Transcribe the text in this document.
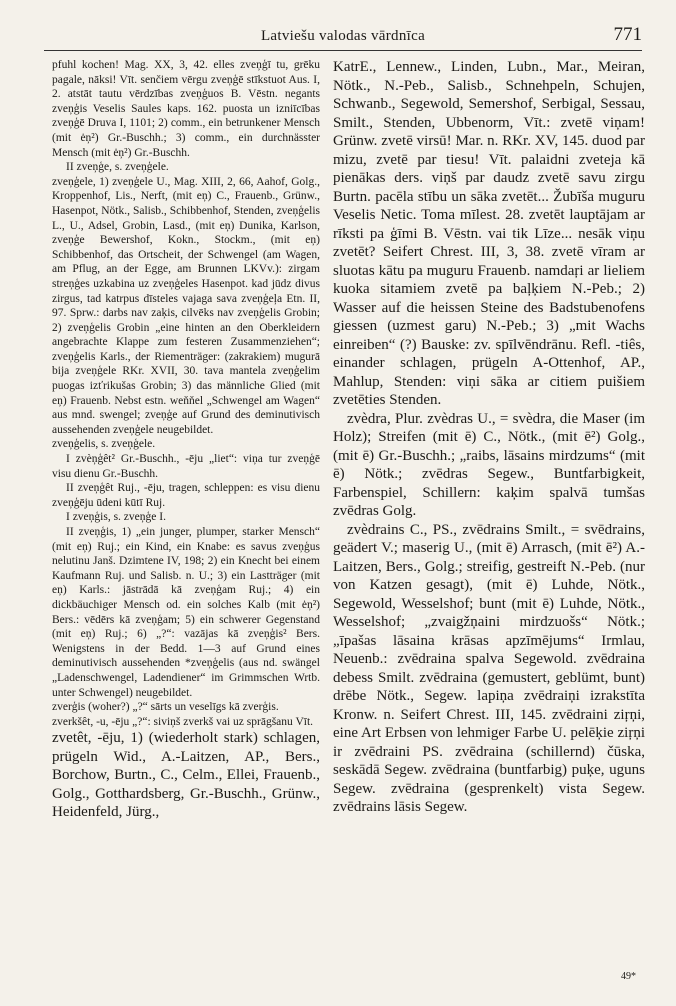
Latviešu valodas vārdnīca	771

pfuhl kochen! Mag. XX, 3, 42. elles zveņģī tu, grēku pagale, nāksi! Vīt. senčiem vērgu zveņģē stīkstuot Aus. I, 2. atstāt tautu vērdzības zveņģuos B. Vēstn. negants zveņģis Veselis Saules kaps. 162. puosta un izniīcības zveņģē Druva I, 1101; 2) comm., ein betrunkener Mensch (mit ėņ²) Gr.-Buschh.; 3) comm., ein durchnässter Mensch (mit ėņ²) Gr.-Buschh.

II zveņģe, s. zveņģele.

zveņģele, 1) zveņģele U., Mag. XIII, 2, 66, Aahof, Golg., Kroppenhof, Lis., Nerft, (mit eņ) C., Frauenb., Grünw., Hasenpot, Nötk., Salisb., Schibbenhof, Stenden, zveņģelis L., U., Adsel, Grobin, Lasd., (mit eņ) Dunika, Karlson, zveņģe Bewershof, Kokn., Stockm., (mit eņ) Schibbenhof, das Ortscheit, der Schwengel (am Wagen, am Pflug, an der Egge, am Brunnen LKVv.): zirgam streņģes uzkabina uz zveņģeles Hasenpot. kad jūdz divus zirgus, tad katrpus dīsteles vajaga sava zveņģeļa Etn. II, 97. Sprw.: darbs nav zaķis, cilvēks nav zveņģelis Grobin; 2) zveņģelis Grobin „eine hinten an den Oberkleidern angebrachte Klappe zum festeren Zusammenziehen“; zveņģelis Karls., der Riementräger: (zakrakiem) mugurā bija zveņģele RKr. XVII, 30. tava mantela zveņģelim puogas izťrikušas Grobin; 3) das männliche Glied (mit eņ) Frauenb. Nebst estn. weňňel „Schwengel am Wagen“ aus mnd. swengel; zveņģe auf Grund des deminutivisch aussehenden zveņģele neugebildet.

zveņģelis, s. zveņģele.

I zvèņģêt² Gr.-Buschh., -ēju „liet“: viņa tur zveņģē visu dienu Gr.-Buschh.

II zveņģêt Ruj., -ēju, tragen, schleppen: es visu dienu zveņģēju ūdeni kūtī Ruj.

I zveņģis, s. zveņģe I.

II zveņģis, 1) „ein junger, plumper, starker Mensch“ (mit eņ) Ruj.; ein Kind, ein Knabe: es savus zveņģus nelutinu Janš. Dzimtene IV, 198; 2) ein Knecht bei einem Kaufmann Ruj. und Salisb. n. U.; 3) ein Lastträger (mit eņ) Karls.: jāstrādā kā zveņģam Ruj.; 4) ein dickbäuchiger Mensch od. ein solches Kalb (mit ėņ²) Bers.: vēdērs kā zveņģam; 5) ein schwerer Gegenstand (mit eņ) Ruj.; 6) „?“: vazājas kā zveņģis² Bers. Wenigstens in der Bedd. 1—3 auf Grund eines deminutivisch aussehenden *zveņģelis (aus nd. swängel „Ladenschwengel, Ladendiener“ im Grimmschen Wrtb. unter Schwengel) neugebildet.

zverģis (woher?) „?“ sārts un veselīgs kā zverģis.

zverkšêt, -u, -ēju „?“: siviņš zverkš vai uz sprāgšanu Vīt.

zvetêt, -ēju, 1) (wiederholt stark) schlagen, prügeln Wid., A.-Laitzen, AP., Bers., Borchow, Burtn., C., Celm., Ellei, Frauenb., Golg., Gotthardsberg, Gr.-Buschh., Grünw., Heidenfeld, Jürg.,

KatrE., Lennew., Linden, Lubn., Mar., Meiran, Nötk., N.-Peb., Salisb., Schnehpeln, Schujen, Schwanb., Segewold, Semershof, Serbigal, Sessau, Smilt., Stenden, Ubbenorm, Vīt.: zvetē viņam! Grünw. zvetē virsū! Mar. n. RKr. XV, 145. duod par mizu, zvetē par tiesu! Vīt. palaidni zveteja kā pienākas ders. viņš par daudz zvetē savu zirgu Burtn. pacēla stību un sāka zvetēt... Žubīša muguru Veselis Netic. Toma mīlest. 28. zvetēt lauptājam ar rīksti pa ģīmi B. Vēstn. vai tik Līze... nesāk viņu zvetēt? Seifert Chrest. III, 3, 38. zvetē vīram ar sluotas kātu pa muguru Frauenb. namdaŗi ar lieliem kuoka sitamiem zvetē pa baļķiem N.-Peb.; 2) Wasser auf die heissen Steine des Badstubenofens giessen (uzmest garu) N.-Peb.; 3) „mit Wachs einreiben“ (?) Bauske: zv. spīlvēndrānu. Refl. -tiês, einander schlagen, prügeln A-Ottenhof, AP., Mahlup, Stenden: viņi sāka ar citiem puišiem zvetēties Stenden.

zvèdra, Plur. zvèdras U., = svèdra, die Maser (im Holz); Streifen (mit ē) C., Nötk., (mit ē²) Golg., (mit ē) Gr.-Buschh.; „raibs, lāsains mirdzums“ (mit ē) Nötk.; zvēdras Segew., Buntfarbigkeit, Farbenspiel, Schillern: kaķim spalvā tumšas zvēdras Golg.

zvèdrains C., PS., zvēdrains Smilt., = svēdrains, geädert V.; maserig U., (mit ē) Arrasch, (mit ē²) A.-Laitzen, Bers., Golg.; streifig, gestreift N.-Peb. (nur von Katzen gesagt), (mit ē) Luhde, Nötk., Segewold, Wesselshof; bunt (mit ē) Luhde, Nötk., Wesselshof; „zvaigžņaini mirdzuošs“ Nötk.; „īpašas lāsaina krāsas apzīmējums“ Irmlau, Neuenb.: zvēdraina spalva Segewold. zvēdraina debess Smilt. zvēdraina (gemustert, geblümt, bunt) drēbe Nötk., Segew. lapiņa zvēdraiņi izrakstīta Kronw. n. Seifert Chrest. III, 145. zvēdraini ziŗņi, eine Art Erbsen von lehmiger Farbe U. pelēķie ziŗņi ir zvēdraini PS. zvēdraina (schillernd) čūska, seskādā Segew. zvēdraina (buntfarbig) puķe, uguns Segew. zvēdraina (gesprenkelt) vista Segew. zvēdrains lāsis Segew.

49*
